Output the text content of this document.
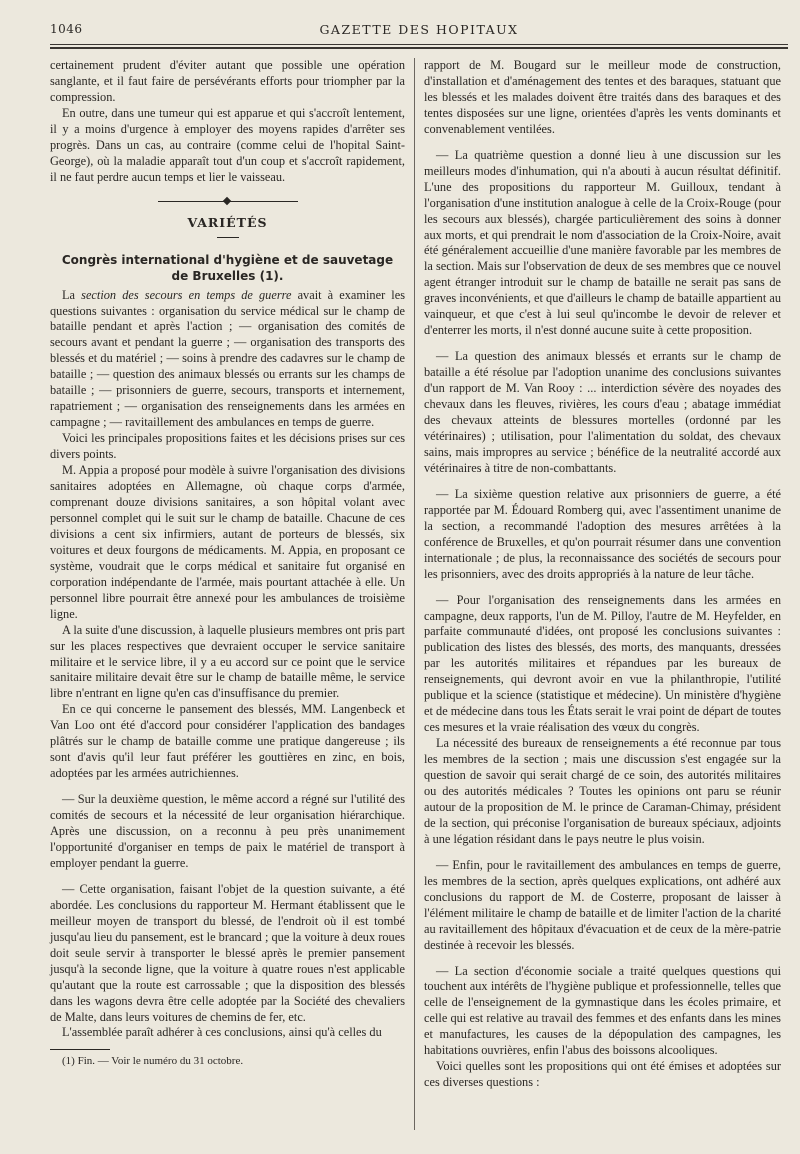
1046	GAZETTE DES HOPITAUX

certainement prudent d'éviter autant que possible une opération sanglante, et il faut faire de persévérants efforts pour triompher par la compression.

En outre, dans une tumeur qui est apparue et qui s'accroît lentement, il y a moins d'urgence à employer des moyens rapides d'arrêter ses progrès. Dans un cas, au contraire (comme celui de l'hopital Saint-George), où la maladie apparaît tout d'un coup et s'accroît rapidement, il ne faut perdre aucun temps et lier le vaisseau.

VARIÉTÉS
Congrès international d'hygiène et de sauvetage
de Bruxelles (1).

La section des secours en temps de guerre avait à examiner les questions suivantes : organisation du service médical sur le champ de bataille pendant et après l'action ; — organisation des comités de secours avant et pendant la guerre ; — organisation des transports des blessés et du matériel ; — soins à prendre des cadavres sur le champ de bataille ; — question des animaux blessés ou errants sur les champs de bataille ; — prisonniers de guerre, secours, transports et internement, rapatriement ; — organisation des renseignements dans les armées en campagne ; — ravitaillement des ambulances en temps de guerre.

Voici les principales propositions faites et les décisions prises sur ces divers points.

M. Appia a proposé pour modèle à suivre l'organisation des divisions sanitaires adoptées en Allemagne, où chaque corps d'armée, comprenant douze divisions sanitaires, a son hôpital volant avec personnel complet qui le suit sur le champ de bataille. Chacune de ces divisions a cent six infirmiers, autant de porteurs de blessés, six voitures et deux fourgons de médicaments. M. Appia, en proposant ce système, voudrait que le corps médical et sanitaire fut organisé en corporation indépendante de l'armée, mais pourtant attachée à elle. Un personnel libre pourrait être annexé pour les ambulances de troisième ligne.

A la suite d'une discussion, à laquelle plusieurs membres ont pris part sur les places respectives que devraient occuper le service sanitaire militaire et le service libre, il y a eu accord sur ce point que le service sanitaire militaire devait être sur le champ de bataille même, le service libre n'entrant en ligne qu'en cas d'insuffisance du premier.

En ce qui concerne le pansement des blessés, MM. Langenbeck et Van Loo ont été d'accord pour considérer l'application des bandages plâtrés sur le champ de bataille comme une pratique dangereuse ; ils sont d'avis qu'il leur faut préférer les gouttières en zinc, en bois, adoptées par les armées autrichiennes.

— Sur la deuxième question, le même accord a régné sur l'utilité des comités de secours et la nécessité de leur organisation hiérarchique. Après une discussion, on a reconnu à peu près unanimement l'opportunité d'organiser en temps de paix le matériel de transport à employer pendant la guerre.

— Cette organisation, faisant l'objet de la question suivante, a été abordée. Les conclusions du rapporteur M. Hermant établissent que le meilleur moyen de transport du blessé, de l'endroit où il est tombé jusqu'au lieu du pansement, est le brancard ; que la voiture à deux roues doit seule servir à transporter le blessé après le premier pansement jusqu'à la seconde ligne, que la voiture à quatre roues n'est applicable qu'autant que la route est carrossable ; que la disposition des blessés dans les wagons devra être celle adoptée par la Société des chevaliers de Malte, dans leurs voitures de chemins de fer, etc.

L'assemblée paraît adhérer à ces conclusions, ainsi qu'à celles du

(1) Fin. — Voir le numéro du 31 octobre.

rapport de M. Bougard sur le meilleur mode de construction, d'installation et d'aménagement des tentes et des baraques, statuant que les blessés et les malades doivent être traités dans des baraques et des tentes disposées sur une ligne, orientées d'après les vents dominants et convenablement ventilées.

— La quatrième question a donné lieu à une discussion sur les meilleurs modes d'inhumation, qui n'a abouti à aucun résultat définitif. L'une des propositions du rapporteur M. Guilloux, tendant à l'organisation d'une institution analogue à celle de la Croix-Rouge (pour les secours aux blessés), chargée particulièrement des soins à donner aux morts, et qui prendrait le nom d'association de la Croix-Noire, avait été généralement accueillie d'une manière favorable par les membres de la section. Mais sur l'observation de deux de ses membres que ce nouvel agent étranger introduit sur le champ de bataille ne serait pas sans de graves inconvénients, et que d'ailleurs le champ de bataille appartient au vainqueur, et que c'est à lui seul qu'incombe le devoir de relever et d'enterrer les morts, il n'est donné aucune suite à cette proposition.

— La question des animaux blessés et errants sur le champ de bataille a été résolue par l'adoption unanime des conclusions suivantes d'un rapport de M. Van Rooy : ... interdiction sévère des noyades des chevaux dans les fleuves, rivières, les cours d'eau ; abatage immédiat des chevaux atteints de blessures mortelles (ordonné par les vétérinaires) ; utilisation, pour l'alimentation du soldat, des chevaux sains, mais impropres au service ; bénéfice de la neutralité accordé aux vétérinaires à titre de non-combattants.

— La sixième question relative aux prisonniers de guerre, a été rapportée par M. Édouard Romberg qui, avec l'assentiment unanime de la section, a recommandé l'adoption des mesures arrêtées à la conférence de Bruxelles, et qu'on pourrait résumer dans une convention internationale ; de plus, la reconnaissance des sociétés de secours pour les prisonniers, avec des droits appropriés à la nature de leur tâche.

— Pour l'organisation des renseignements dans les armées en campagne, deux rapports, l'un de M. Pilloy, l'autre de M. Heyfelder, en parfaite communauté d'idées, ont proposé les conclusions suivantes : publication des listes des blessés, des morts, des manquants, dressées par les autorités militaires et répandues par les bureaux de renseignements, qui devront avoir en vue la philanthropie, l'utilité publique et la science (statistique et médecine). Un ministère d'hygiène et de médecine dans tous les États serait le vrai point de départ de toutes ces mesures et la vraie réalisation des vœux du congrès.

La nécessité des bureaux de renseignements a été reconnue par tous les membres de la section ; mais une discussion s'est engagée sur la question de savoir qui serait chargé de ce soin, des autorités militaires ou des autorités médicales ? Toutes les opinions ont paru se réunir autour de la proposition de M. le prince de Caraman-Chimay, président de la section, qui préconise l'organisation de bureaux spéciaux, adjoints à une légation résidant dans le pays neutre le plus voisin.

— Enfin, pour le ravitaillement des ambulances en temps de guerre, les membres de la section, après quelques explications, ont adhéré aux conclusions du rapport de M. de Costerre, proposant de laisser à l'élément militaire le champ de bataille et de limiter l'action de la charité au ravitaillement des hôpitaux d'évacuation et de ceux de la mère-patrie destinée à recevoir les blessés.

— La section d'économie sociale a traité quelques questions qui touchent aux intérêts de l'hygiène publique et professionnelle, telles que celle de l'enseignement de la gymnastique dans les écoles primaire, et celle qui est relative au travail des femmes et des enfants dans les mines et manufactures, les causes de la dépopulation des campagnes, les habitations ouvrières, enfin l'abus des boissons alcooliques.

Voici quelles sont les propositions qui ont été émises et adoptées sur ces diverses questions :
